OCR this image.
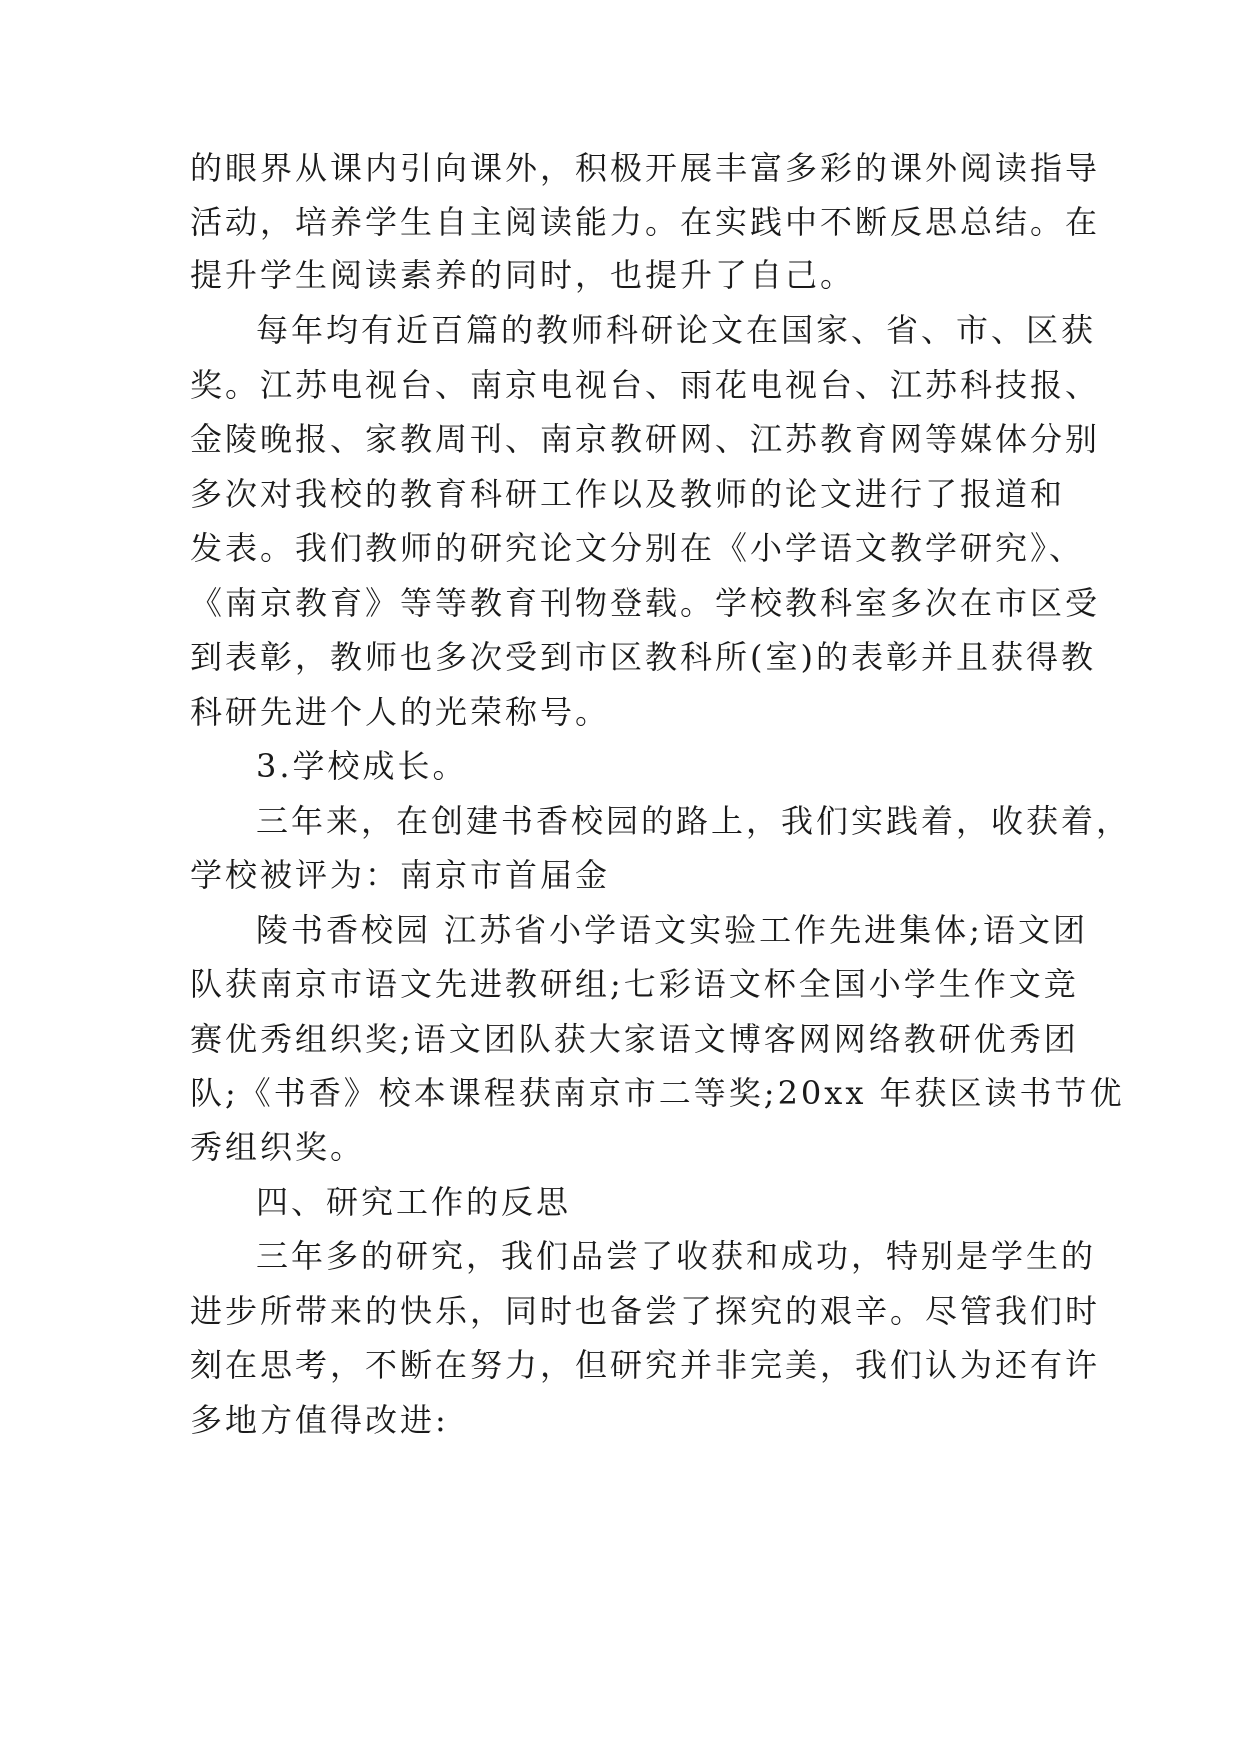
的眼界从课内引向课外，积极开展丰富多彩的课外阅读指导
活动，培养学生自主阅读能力。在实践中不断反思总结。在
提升学生阅读素养的同时，也提升了自己。
每年均有近百篇的教师科研论文在国家、省、市、区获
奖。江苏电视台、南京电视台、雨花电视台、江苏科技报、
金陵晚报、家教周刊、南京教研网、江苏教育网等媒体分别
多次对我校的教育科研工作以及教师的论文进行了报道和
发表。我们教师的研究论文分别在《小学语文教学研究》、
《南京教育》等等教育刊物登载。学校教科室多次在市区受
到表彰，教师也多次受到市区教科所(室)的表彰并且获得教
科研先进个人的光荣称号。
3.学校成长。
三年来，在创建书香校园的路上，我们实践着，收获着，
学校被评为：南京市首届金
陵书香校园 江苏省小学语文实验工作先进集体;语文团
队获南京市语文先进教研组;七彩语文杯全国小学生作文竞
赛优秀组织奖;语文团队获大家语文博客网网络教研优秀团
队;《书香》校本课程获南京市二等奖;20xx 年获区读书节优
秀组织奖。
四、研究工作的反思
三年多的研究，我们品尝了收获和成功，特别是学生的
进步所带来的快乐，同时也备尝了探究的艰辛。尽管我们时
刻在思考，不断在努力，但研究并非完美，我们认为还有许
多地方值得改进:
